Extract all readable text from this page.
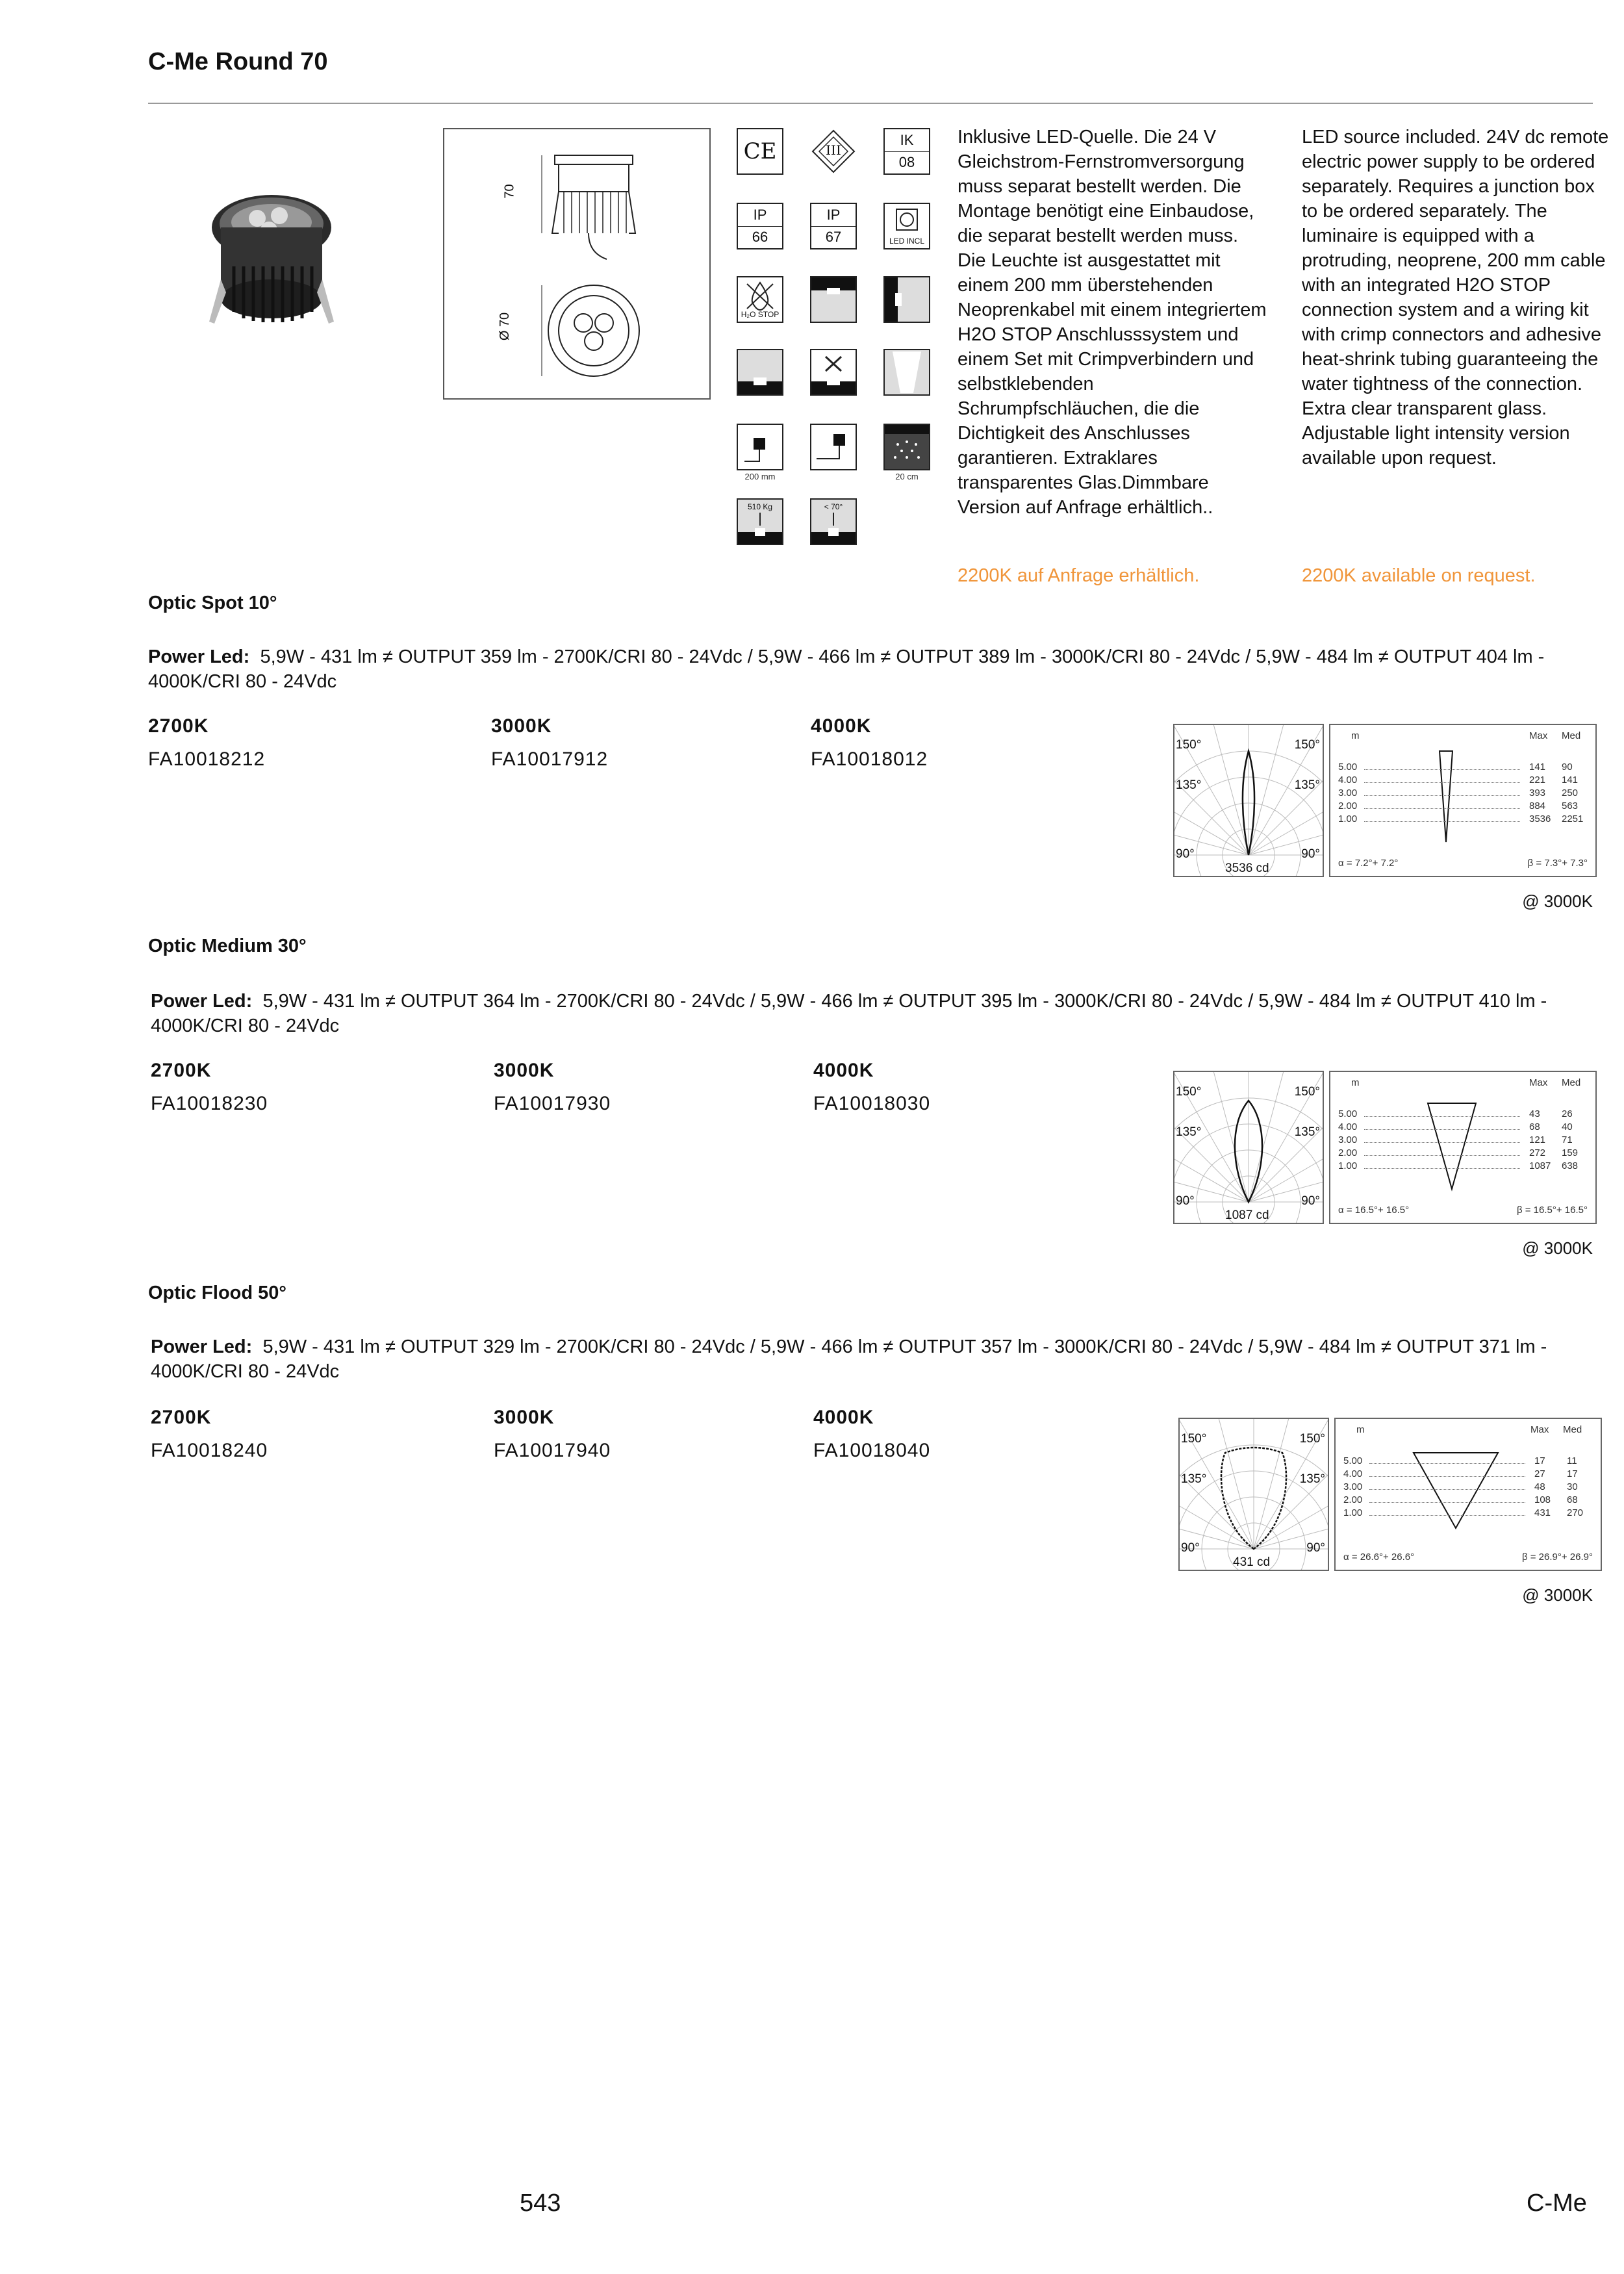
C-Me Round 70
70
Ø 70
CE	III
IK
08
IP
66
IP
67	LED INCL
H₂O STOP
200 mm	20 cm
510 Kg	< 70°
Inklusive LED-Quelle. Die 24 V Gleichstrom-Fernstromversorgung muss separat bestellt werden. Die Montage benötigt eine Einbaudose, die separat bestellt werden muss. Die Leuchte ist ausgestattet mit einem 200 mm überstehenden Neoprenkabel mit einem integriertem H2O STOP Anschlusssystem und einem Set mit Crimpverbindern und selbstklebenden Schrumpfschläuchen, die die Dichtigkeit des Anschlusses garantieren. Extraklares transparentes Glas.Dimmbare Version auf Anfrage erhältlich..
2200K auf Anfrage erhältlich.
LED source included. 24V dc remote electric power supply to be ordered separately. Requires a junction box to be ordered separately. The luminaire is equipped with a protruding, neoprene, 200 mm cable with an integrated H2O STOP connection system and a wiring kit with crimp connectors and adhesive heat-shrink tubing guaranteeing the water tightness of the connection. Extra clear transparent glass. Adjustable light intensity version available upon request.
2200K available on request.
Optic Spot 10°
Power Led: 5,9W - 431 lm ≠ OUTPUT 359 lm - 2700K/CRI 80 - 24Vdc / 5,9W - 466 lm ≠ OUTPUT 389 lm - 3000K/CRI 80 - 24Vdc / 5,9W - 484 lm ≠ OUTPUT 404 lm - 4000K/CRI 80 - 24Vdc
2700K	3000K	4000K
FA10018212	FA10017912	FA10018012
150°	150°
135°	135°
90°	90°
3536 cd
m	Max Med
α = 7.2°+ 7.2°	β = 7.3°+ 7.3°
5.00	141 90
4.00	221 141
3.00	393 250
2.00	884 563
1.00	3536 2251
@ 3000K
Optic Medium 30°
Power Led: 5,9W - 431 lm ≠ OUTPUT 364 lm - 2700K/CRI 80 - 24Vdc / 5,9W - 466 lm ≠ OUTPUT 395 lm - 3000K/CRI 80 - 24Vdc / 5,9W - 484 lm ≠ OUTPUT 410 lm - 4000K/CRI 80 - 24Vdc
2700K	3000K	4000K
FA10018230	FA10017930	FA10018030
150°	150°
135°	135°
90°	90°
1087 cd
m	Max Med
α = 16.5°+ 16.5°	β = 16.5°+ 16.5°
5.00	43 26
4.00	68 40
3.00	121 71
2.00	272 159
1.00	1087 638
@ 3000K
Optic Flood 50°
Power Led: 5,9W - 431 lm ≠ OUTPUT 329 lm - 2700K/CRI 80 - 24Vdc / 5,9W - 466 lm ≠ OUTPUT 357 lm - 3000K/CRI 80 - 24Vdc / 5,9W - 484 lm ≠ OUTPUT 371 lm - 4000K/CRI 80 - 24Vdc
2700K	3000K	4000K
FA10018240	FA10017940	FA10018040
150°	150°
135°	135°
90°	90°
431 cd
m	Max Med
α = 26.6°+ 26.6°	β = 26.9°+ 26.9°
5.00	17 11
4.00	27 17
3.00	48 30
2.00	108 68
1.00	431 270
@ 3000K
543	C-Me
